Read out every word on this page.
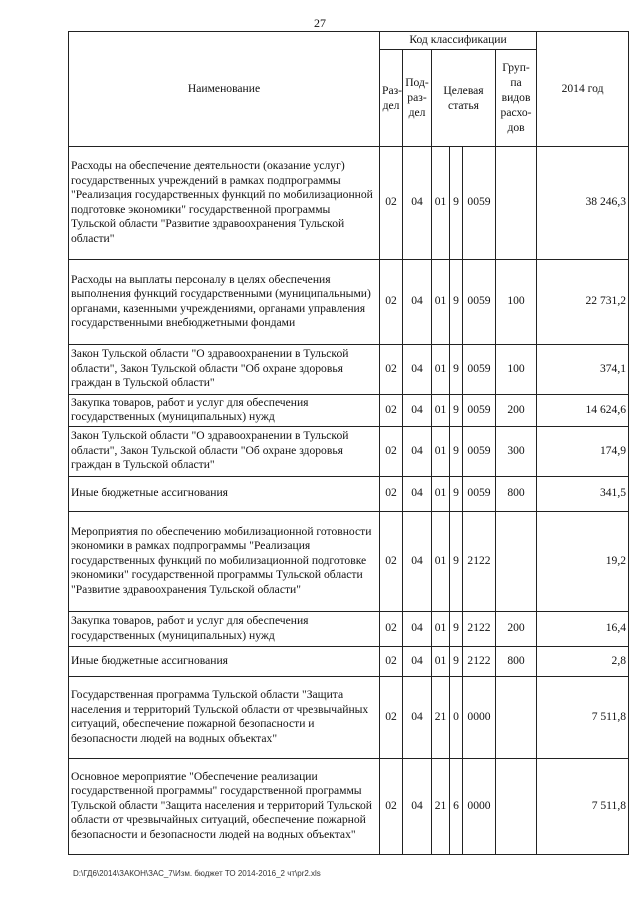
27
Наименование	Код классификации						2014 год
	Раз-дел	Под-раз-дел	Целевая статья			Груп-па видов расхо-дов	
Расходы на обеспечение деятельности (оказание услуг) государственных учреждений в рамках подпрограммы "Реализация государственных функций по мобилизационной подготовке экономики" государственной программы Тульской области "Развитие здравоохранения Тульской области"	02	04	01	9	0059		38 246,3
Расходы на выплаты персоналу в целях обеспечения выполнения функций государственными (муниципальными) органами, казенными учреждениями, органами управления государственными внебюджетными фондами	02	04	01	9	0059	100	22 731,2
Закон Тульской области "О здравоохранении в Тульской области", Закон Тульской области "Об охране здоровья граждан в Тульской области"	02	04	01	9	0059	100	374,1
Закупка товаров, работ и услуг для обеспечения государственных (муниципальных) нужд	02	04	01	9	0059	200	14 624,6
Закон Тульской области "О здравоохранении в Тульской области", Закон Тульской области "Об охране здоровья граждан в Тульской области"	02	04	01	9	0059	300	174,9
Иные бюджетные ассигнования	02	04	01	9	0059	800	341,5
Мероприятия по обеспечению мобилизационной готовности экономики в рамках подпрограммы "Реализация государственных функций по мобилизационной подготовке экономики" государственной программы Тульской области "Развитие здравоохранения Тульской области"	02	04	01	9	2122		19,2
Закупка товаров, работ и услуг для обеспечения государственных (муниципальных) нужд	02	04	01	9	2122	200	16,4
Иные бюджетные ассигнования	02	04	01	9	2122	800	2,8
Государственная программа Тульской области "Защита населения и территорий Тульской области от чрезвычайных ситуаций, обеспечение пожарной безопасности и безопасности людей на водных объектах"	02	04	21	0	0000		7 511,8
Основное мероприятие "Обеспечение реализации государственной программы" государственной программы Тульской области "Защита населения и территорий Тульской области от чрезвычайных ситуаций, обеспечение пожарной безопасности и безопасности людей на водных объектах"	02	04	21	6	0000		7 511,8
D:\ГД6\2014\ЗАКОН\ЗАС_7\Изм. бюджет ТО 2014-2016_2 чт\pr2.xls
